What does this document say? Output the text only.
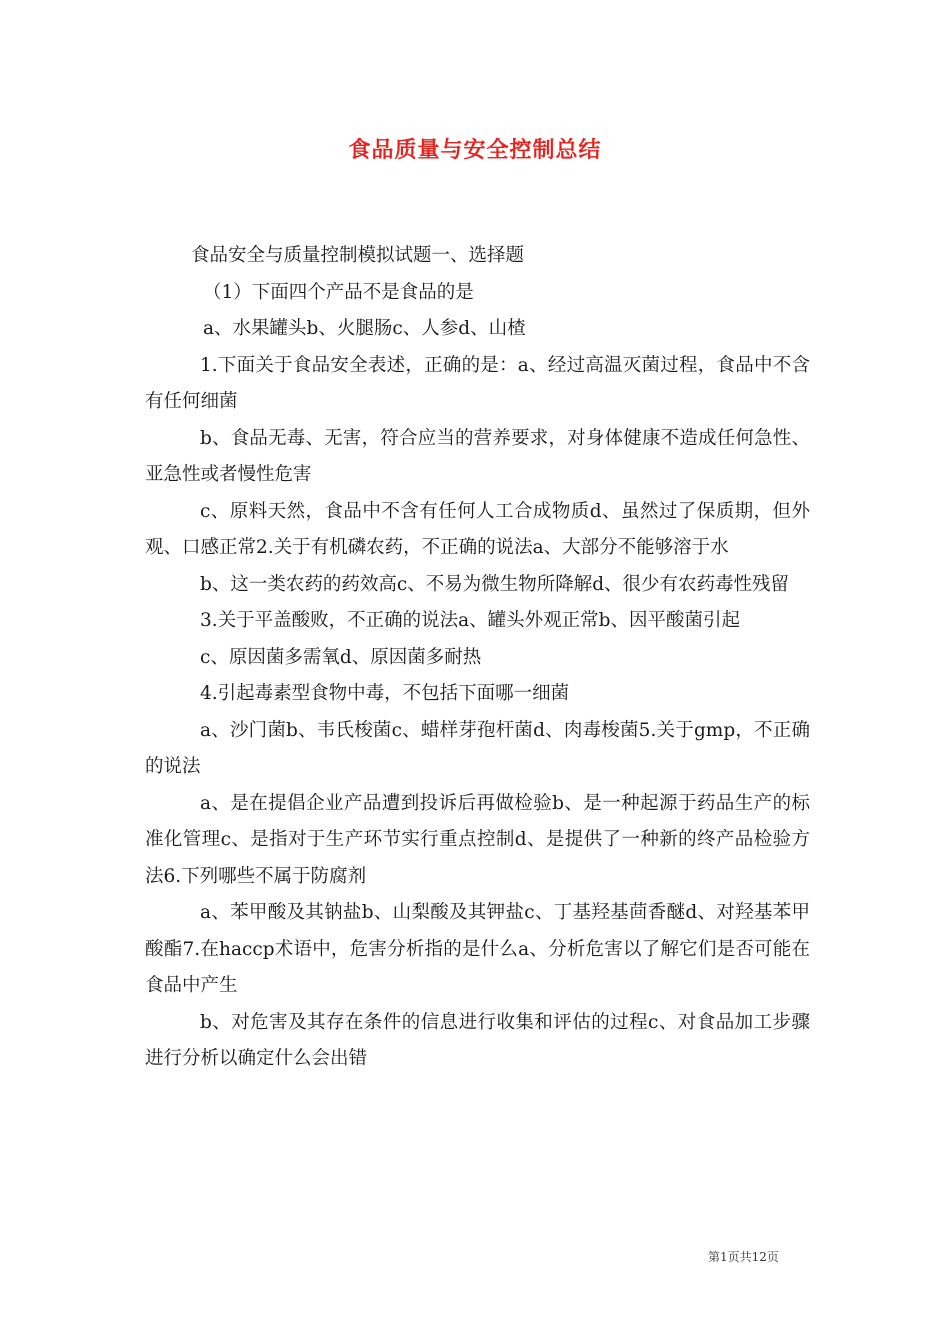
食品质量与安全控制总结

食品安全与质量控制模拟试题一、选择题

（1）下面四个产品不是食品的是

a、水果罐头b、火腿肠c、人参d、山楂

1.下面关于食品安全表述，正确的是：a、经过高温灭菌过程，食品中不含有任何细菌

b、食品无毒、无害，符合应当的营养要求，对身体健康不造成任何急性、亚急性或者慢性危害

c、原料天然，食品中不含有任何人工合成物质d、虽然过了保质期，但外观、口感正常2.关于有机磷农药，不正确的说法a、大部分不能够溶于水

b、这一类农药的药效高c、不易为微生物所降解d、很少有农药毒性残留

3.关于平盖酸败，不正确的说法a、罐头外观正常b、因平酸菌引起

c、原因菌多需氧d、原因菌多耐热

4.引起毒素型食物中毒，不包括下面哪一细菌

a、沙门菌b、韦氏梭菌c、蜡样芽孢杆菌d、肉毒梭菌5.关于gmp，不正确的说法

a、是在提倡企业产品遭到投诉后再做检验b、是一种起源于药品生产的标准化管理c、是指对于生产环节实行重点控制d、是提供了一种新的终产品检验方法6.下列哪些不属于防腐剂

a、苯甲酸及其钠盐b、山梨酸及其钾盐c、丁基羟基茴香醚d、对羟基苯甲酸酯7.在haccp术语中，危害分析指的是什么a、分析危害以了解它们是否可能在食品中产生

b、对危害及其存在条件的信息进行收集和评估的过程c、对食品加工步骤进行分析以确定什么会出错

第1页共12页
